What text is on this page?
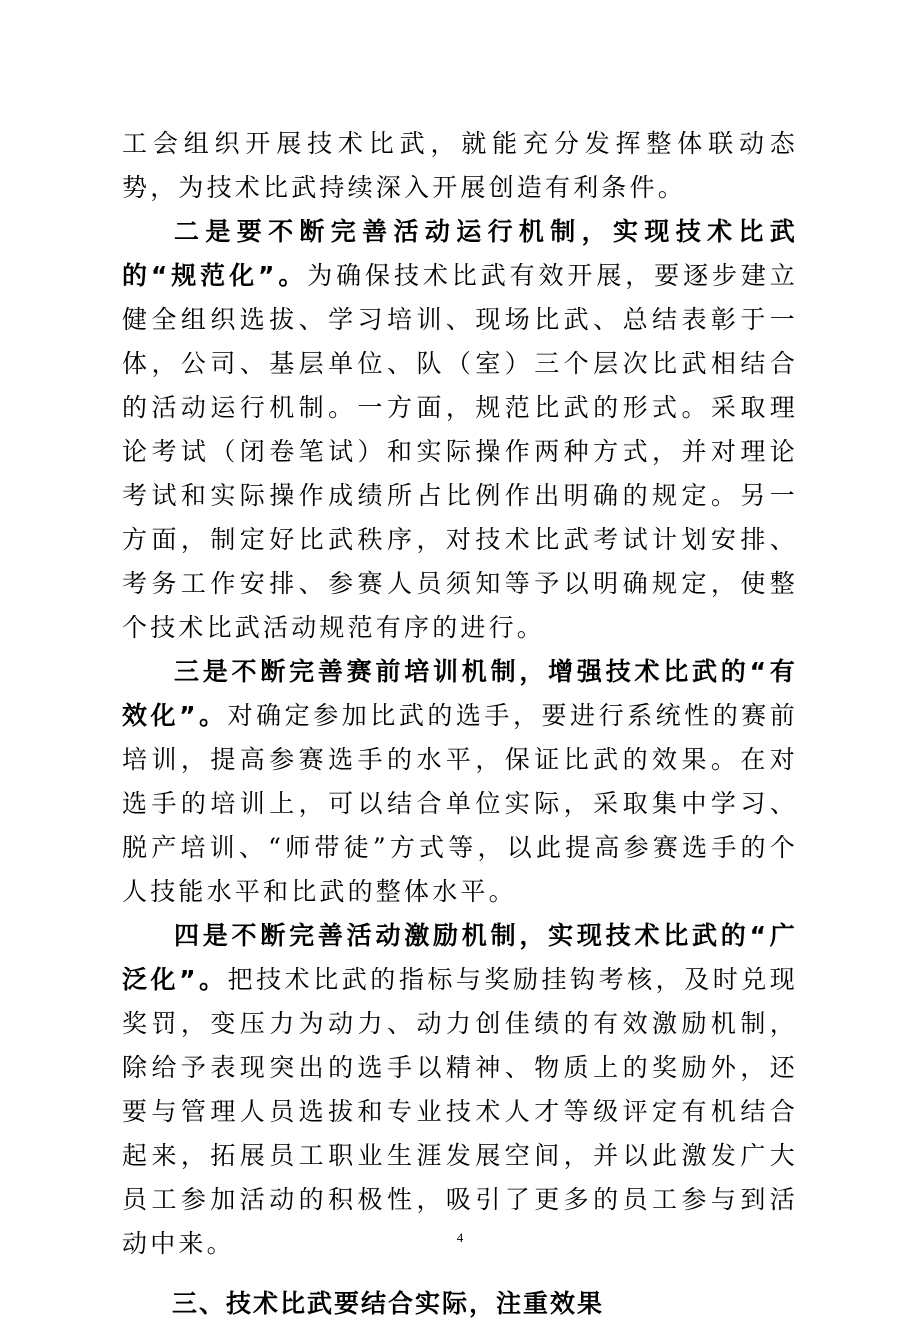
工会组织开展技术比武，就能充分发挥整体联动态势，为技术比武持续深入开展创造有利条件。

二是要不断完善活动运行机制，实现技术比武的“规范化”。为确保技术比武有效开展，要逐步建立健全组织选拔、学习培训、现场比武、总结表彰于一体，公司、基层单位、队（室）三个层次比武相结合的活动运行机制。一方面，规范比武的形式。采取理论考试（闭卷笔试）和实际操作两种方式，并对理论考试和实际操作成绩所占比例作出明确的规定。另一方面，制定好比武秩序，对技术比武考试计划安排、考务工作安排、参赛人员须知等予以明确规定，使整个技术比武活动规范有序的进行。

三是不断完善赛前培训机制，增强技术比武的“有效化”。对确定参加比武的选手，要进行系统性的赛前培训，提高参赛选手的水平，保证比武的效果。在对选手的培训上，可以结合单位实际，采取集中学习、脱产培训、“师带徒”方式等，以此提高参赛选手的个人技能水平和比武的整体水平。

四是不断完善活动激励机制，实现技术比武的“广泛化”。把技术比武的指标与奖励挂钩考核，及时兑现奖罚，变压力为动力、动力创佳绩的有效激励机制，除给予表现突出的选手以精神、物质上的奖励外，还要与管理人员选拔和专业技术人才等级评定有机结合起来，拓展员工职业生涯发展空间，并以此激发广大员工参加活动的积极性，吸引了更多的员工参与到活动中来。

三、技术比武要结合实际，注重效果

4
